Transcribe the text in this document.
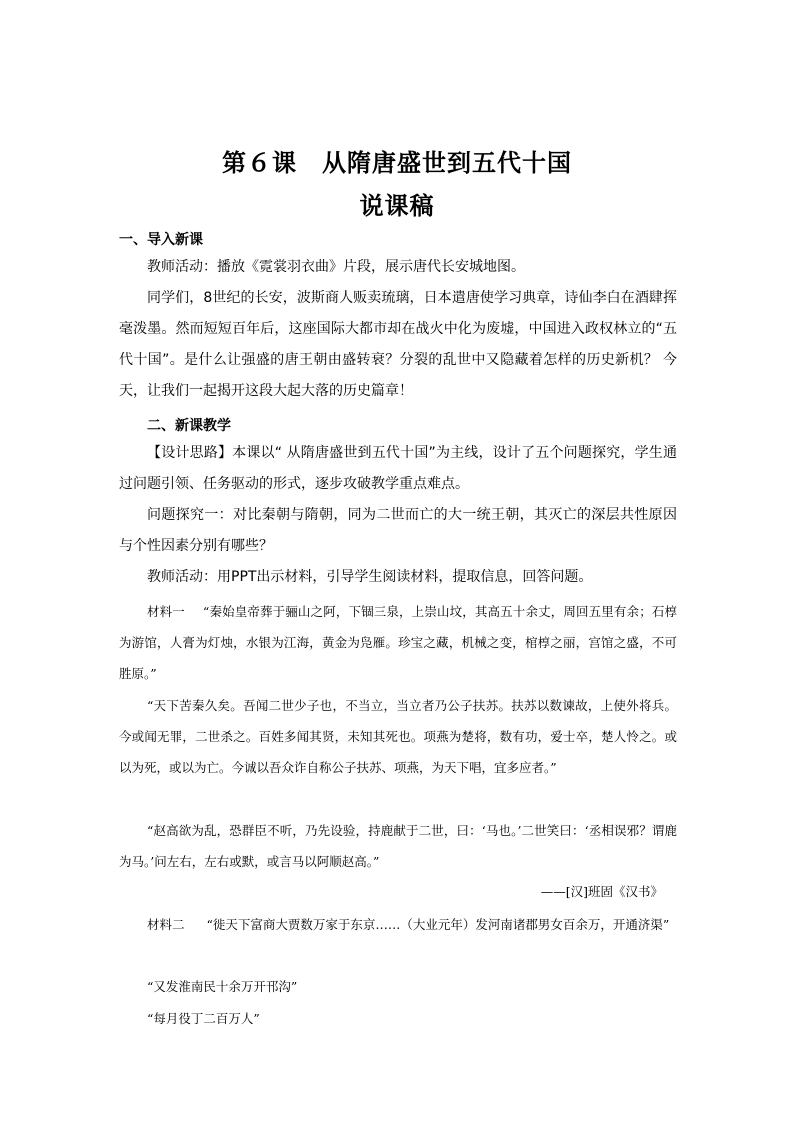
第６课　从隋唐盛世到五代十国
说课稿
一、导入新课

教师活动：播放《霓裳羽衣曲》片段，展示唐代长安城地图。

同学们，8世纪的长安，波斯商人贩卖琉璃，日本遣唐使学习典章，诗仙李白在酒肆挥毫泼墨。然而短短百年后，这座国际大都市却在战火中化为废墟，中国进入政权林立的“五代十国”。是什么让强盛的唐王朝由盛转衰？分裂的乱世中又隐藏着怎样的历史新机？ 今天，让我们一起揭开这段大起大落的历史篇章！

二、新课教学

【设计思路】本课以“ 从隋唐盛世到五代十国”为主线，设计了五个问题探究，学生通过问题引领、任务驱动的形式，逐步攻破教学重点难点。

问题探究一：对比秦朝与隋朝，同为二世而亡的大一统王朝，其灭亡的深层共性原因与个性因素分别有哪些？

教师活动：用PPT出示材料，引导学生阅读材料，提取信息，回答问题。

材料一 “秦始皇帝葬于骊山之阿，下锢三泉，上崇山坟，其高五十余丈，周回五里有余；石椁为游馆，人膏为灯烛，水银为江海，黄金为凫雁。珍宝之藏，机械之变，棺椁之丽，宫馆之盛，不可胜原。”

“天下苦秦久矣。吾闻二世少子也，不当立，当立者乃公子扶苏。扶苏以数谏故，上使外将兵。今或闻无罪，二世杀之。百姓多闻其贤，未知其死也。项燕为楚将，数有功，爱士卒，楚人怜之。或以为死，或以为亡。今诚以吾众诈自称公子扶苏、项燕，为天下唱，宜多应者。”

“赵高欲为乱，恐群臣不听，乃先设验，持鹿献于二世，曰：‘马也。’二世笑曰：‘丞相误邪？谓鹿为马。’问左右，左右或默，或言马以阿顺赵高。”

——[汉]班固《汉书》

材料二 “徙天下富商大贾数万家于东京……（大业元年）发河南诸郡男女百余万，开通济渠”

“又发淮南民十余万开邗沟”

“每月役丁二百万人”
